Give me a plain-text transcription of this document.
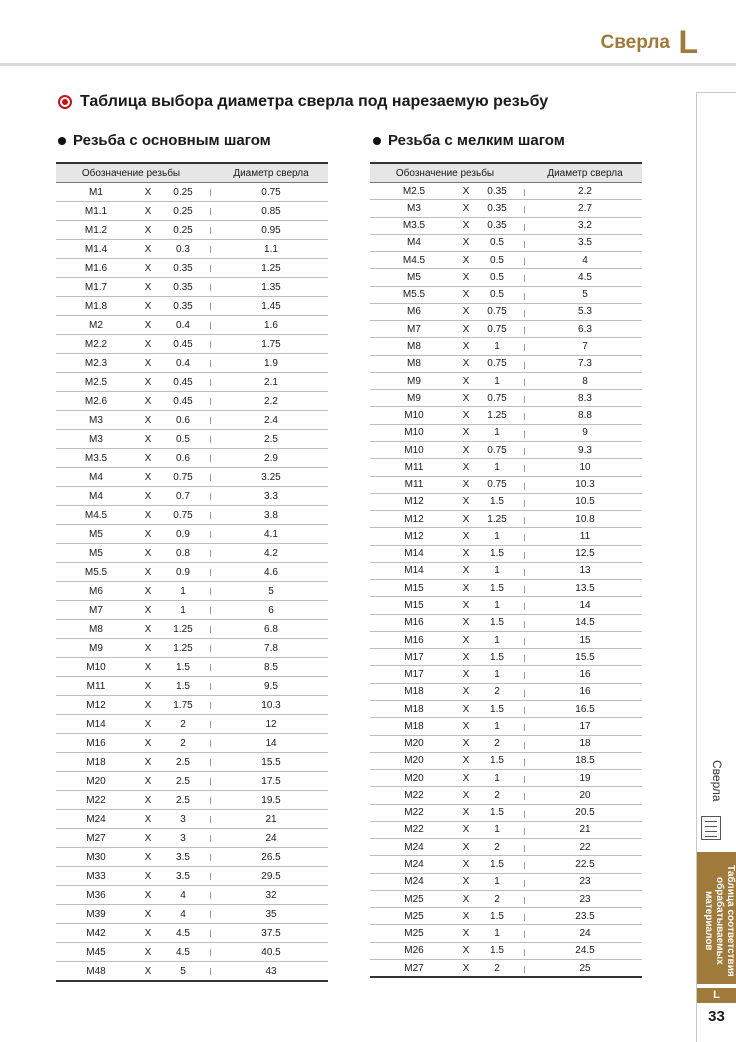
Сверла L
Таблица выбора диаметра сверла под нарезаемую резьбу
Резьба с основным шагом	Резьба с мелким шагом
Обозначение резьбы				Диаметр сверла
M1	X	0.25		0.75
M1.1	X	0.25		0.85
M1.2	X	0.25		0.95
M1.4	X	0.3		1.1
M1.6	X	0.35		1.25
M1.7	X	0.35		1.35
M1.8	X	0.35		1.45
M2	X	0.4		1.6
M2.2	X	0.45		1.75
M2.3	X	0.4		1.9
M2.5	X	0.45		2.1
M2.6	X	0.45		2.2
M3	X	0.6		2.4
M3	X	0.5		2.5
M3.5	X	0.6		2.9
M4	X	0.75		3.25
M4	X	0.7		3.3
M4.5	X	0.75		3.8
M5	X	0.9		4.1
M5	X	0.8		4.2
M5.5	X	0.9		4.6
M6	X	1		5
M7	X	1		6
M8	X	1.25		6.8
M9	X	1.25		7.8
M10	X	1.5		8.5
M11	X	1.5		9.5
M12	X	1.75		10.3
M14	X	2		12
M16	X	2		14
M18	X	2.5		15.5
M20	X	2.5		17.5
M22	X	2.5		19.5
M24	X	3		21
M27	X	3		24
M30	X	3.5		26.5
M33	X	3.5		29.5
M36	X	4		32
M39	X	4		35
M42	X	4.5		37.5
M45	X	4.5		40.5
M48	X	5		43
Обозначение резьбы				Диаметр сверла
M2.5	X	0.35		2.2
M3	X	0.35		2.7
M3.5	X	0.35		3.2
M4	X	0.5		3.5
M4.5	X	0.5		4
M5	X	0.5		4.5
M5.5	X	0.5		5
M6	X	0.75		5.3
M7	X	0.75		6.3
M8	X	1		7
M8	X	0.75		7.3
M9	X	1		8
M9	X	0.75		8.3
M10	X	1.25		8.8
M10	X	1		9
M10	X	0.75		9.3
M11	X	1		10
M11	X	0.75		10.3
M12	X	1.5		10.5
M12	X	1.25		10.8
M12	X	1		11
M14	X	1.5		12.5
M14	X	1		13
M15	X	1.5		13.5
M15	X	1		14
M16	X	1.5		14.5
M16	X	1		15
M17	X	1.5		15.5
M17	X	1		16
M18	X	2		16
M18	X	1.5		16.5
M18	X	1		17
M20	X	2		18
M20	X	1.5		18.5
M20	X	1		19
M22	X	2		20
M22	X	1.5		20.5
M22	X	1		21
M24	X	2		22
M24	X	1.5		22.5
M24	X	1		23
M25	X	2		23
M25	X	1.5		23.5
M25	X	1		24
M26	X	1.5		24.5
M27	X	2		25
Сверла
Таблица соответствия обрабатываемых материалов
L
33
